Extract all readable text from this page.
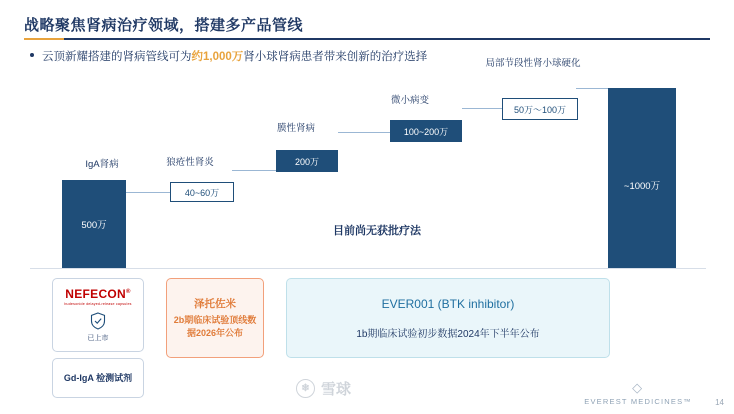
战略聚焦肾病治疗领域，搭建多产品管线
云顶新耀搭建的肾病管线可为约1,000万肾小球肾病患者带来创新的治疗选择
IgA肾病
500万
狼疮性肾炎
40~60万
膜性肾病
200万
微小病变
100~200万
局部节段性肾小球硬化
50万～100万
~1000万
目前尚无获批疗法
NEFECON®
budesonide delayed-release capsules
已上市
Gd-IgA 检测试剂
泽托佐米
2b期临床试验顶线数据2026年公布
EVER001 (BTK inhibitor)
1b期临床试验初步数据2024年下半年公布
❄ 雪球	◇
EVEREST MEDICINES™	14
